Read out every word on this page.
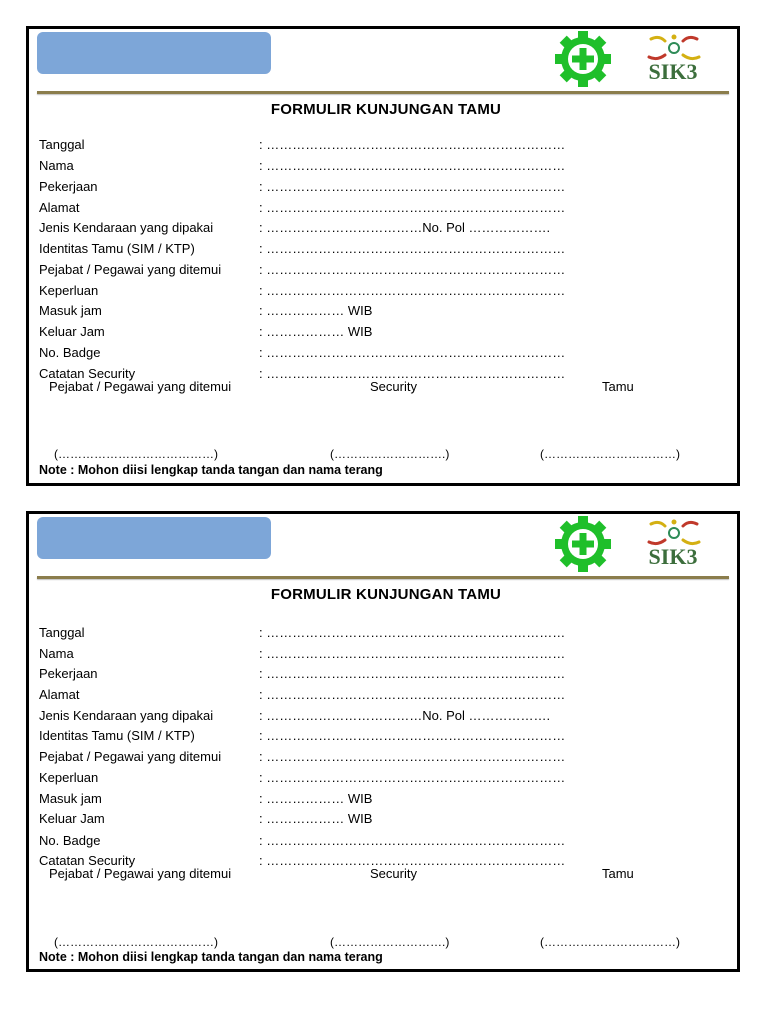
SIK3
FORMULIR KUNJUNGAN TAMU
Tanggal	: ……………………………………………………………
Nama	: ……………………………………………………………
Pekerjaan	: ……………………………………………………………
Alamat	: ……………………………………………………………
Jenis Kendaraan yang dipakai	: ………………………………No. Pol ……………….
Identitas Tamu (SIM / KTP)	: ……………………………………………………………
Pejabat / Pegawai yang ditemui	: ……………………………………………………………
Keperluan	: ……………………………………………………………
Masuk jam	: ……………… WIB
Keluar Jam	: ……………… WIB
No. Badge	: ……………………………………………………………
Catatan Security	: ……………………………………………………………
Pejabat / Pegawai yang ditemui	Security	Tamu
(…………………………………)	(……………………….)	(……………………………)
Note : Mohon diisi lengkap tanda tangan dan nama terang
SIK3
FORMULIR KUNJUNGAN TAMU
Tanggal	: ……………………………………………………………
Nama	: ……………………………………………………………
Pekerjaan	: ……………………………………………………………
Alamat	: ……………………………………………………………
Jenis Kendaraan yang dipakai	: ………………………………No. Pol ……………….
Identitas Tamu (SIM / KTP)	: ……………………………………………………………
Pejabat / Pegawai yang ditemui	: ……………………………………………………………
Keperluan	: ……………………………………………………………
Masuk jam	: ……………… WIB
Keluar Jam	: ……………… WIB
No. Badge	: ……………………………………………………………
Catatan Security	: ……………………………………………………………
Pejabat / Pegawai yang ditemui	Security	Tamu
(…………………………………)	(……………………….)	(……………………………)
Note : Mohon diisi lengkap tanda tangan dan nama terang
